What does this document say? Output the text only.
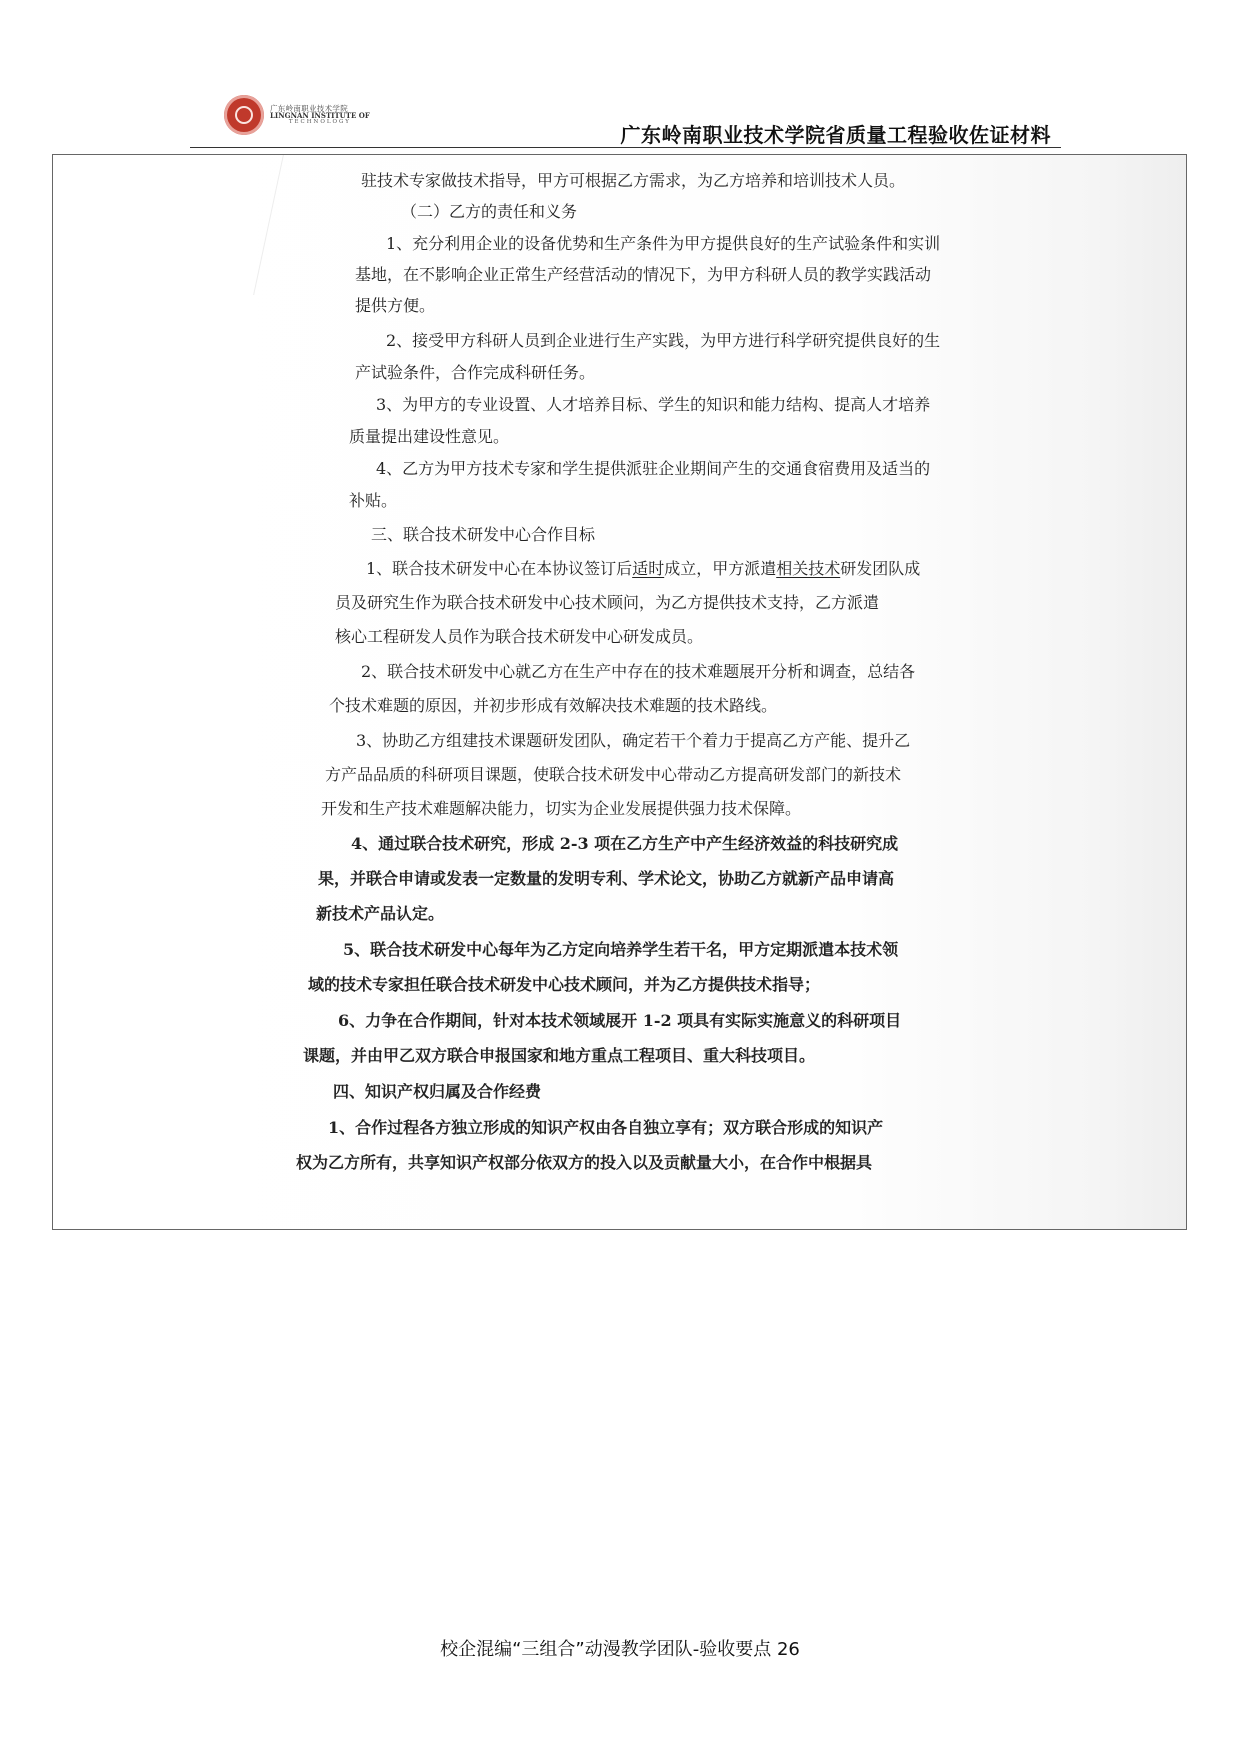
广东岭南职业技术学院
LINGNAN INSTITUTE OF
TECHNOLOGY
广东岭南职业技术学院省质量工程验收佐证材料

驻技术专家做技术指导，甲方可根据乙方需求，为乙方培养和培训技术人员。

（二）乙方的责任和义务

1、充分利用企业的设备优势和生产条件为甲方提供良好的生产试验条件和实训

基地，在不影响企业正常生产经营活动的情况下，为甲方科研人员的教学实践活动

提供方便。

2、接受甲方科研人员到企业进行生产实践，为甲方进行科学研究提供良好的生

产试验条件，合作完成科研任务。

3、为甲方的专业设置、人才培养目标、学生的知识和能力结构、提高人才培养

质量提出建设性意见。

4、乙方为甲方技术专家和学生提供派驻企业期间产生的交通食宿费用及适当的

补贴。

三、联合技术研发中心合作目标

1、联合技术研发中心在本协议签订后适时成立，甲方派遣相关技术研发团队成

员及研究生作为联合技术研发中心技术顾问，为乙方提供技术支持，乙方派遣

核心工程研发人员作为联合技术研发中心研发成员。

2、联合技术研发中心就乙方在生产中存在的技术难题展开分析和调查，总结各

个技术难题的原因，并初步形成有效解决技术难题的技术路线。

3、协助乙方组建技术课题研发团队，确定若干个着力于提高乙方产能、提升乙

方产品品质的科研项目课题，使联合技术研发中心带动乙方提高研发部门的新技术

开发和生产技术难题解决能力，切实为企业发展提供强力技术保障。

4、通过联合技术研究，形成 2-3 项在乙方生产中产生经济效益的科技研究成

果，并联合申请或发表一定数量的发明专利、学术论文，协助乙方就新产品申请高

新技术产品认定。

5、联合技术研发中心每年为乙方定向培养学生若干名，甲方定期派遣本技术领

域的技术专家担任联合技术研发中心技术顾问，并为乙方提供技术指导；

6、力争在合作期间，针对本技术领域展开 1-2 项具有实际实施意义的科研项目

课题，并由甲乙双方联合申报国家和地方重点工程项目、重大科技项目。

四、知识产权归属及合作经费

1、合作过程各方独立形成的知识产权由各自独立享有；双方联合形成的知识产

权为乙方所有，共享知识产权部分依双方的投入以及贡献量大小，在合作中根据具

校企混编“三组合”动漫教学团队-验收要点 26
